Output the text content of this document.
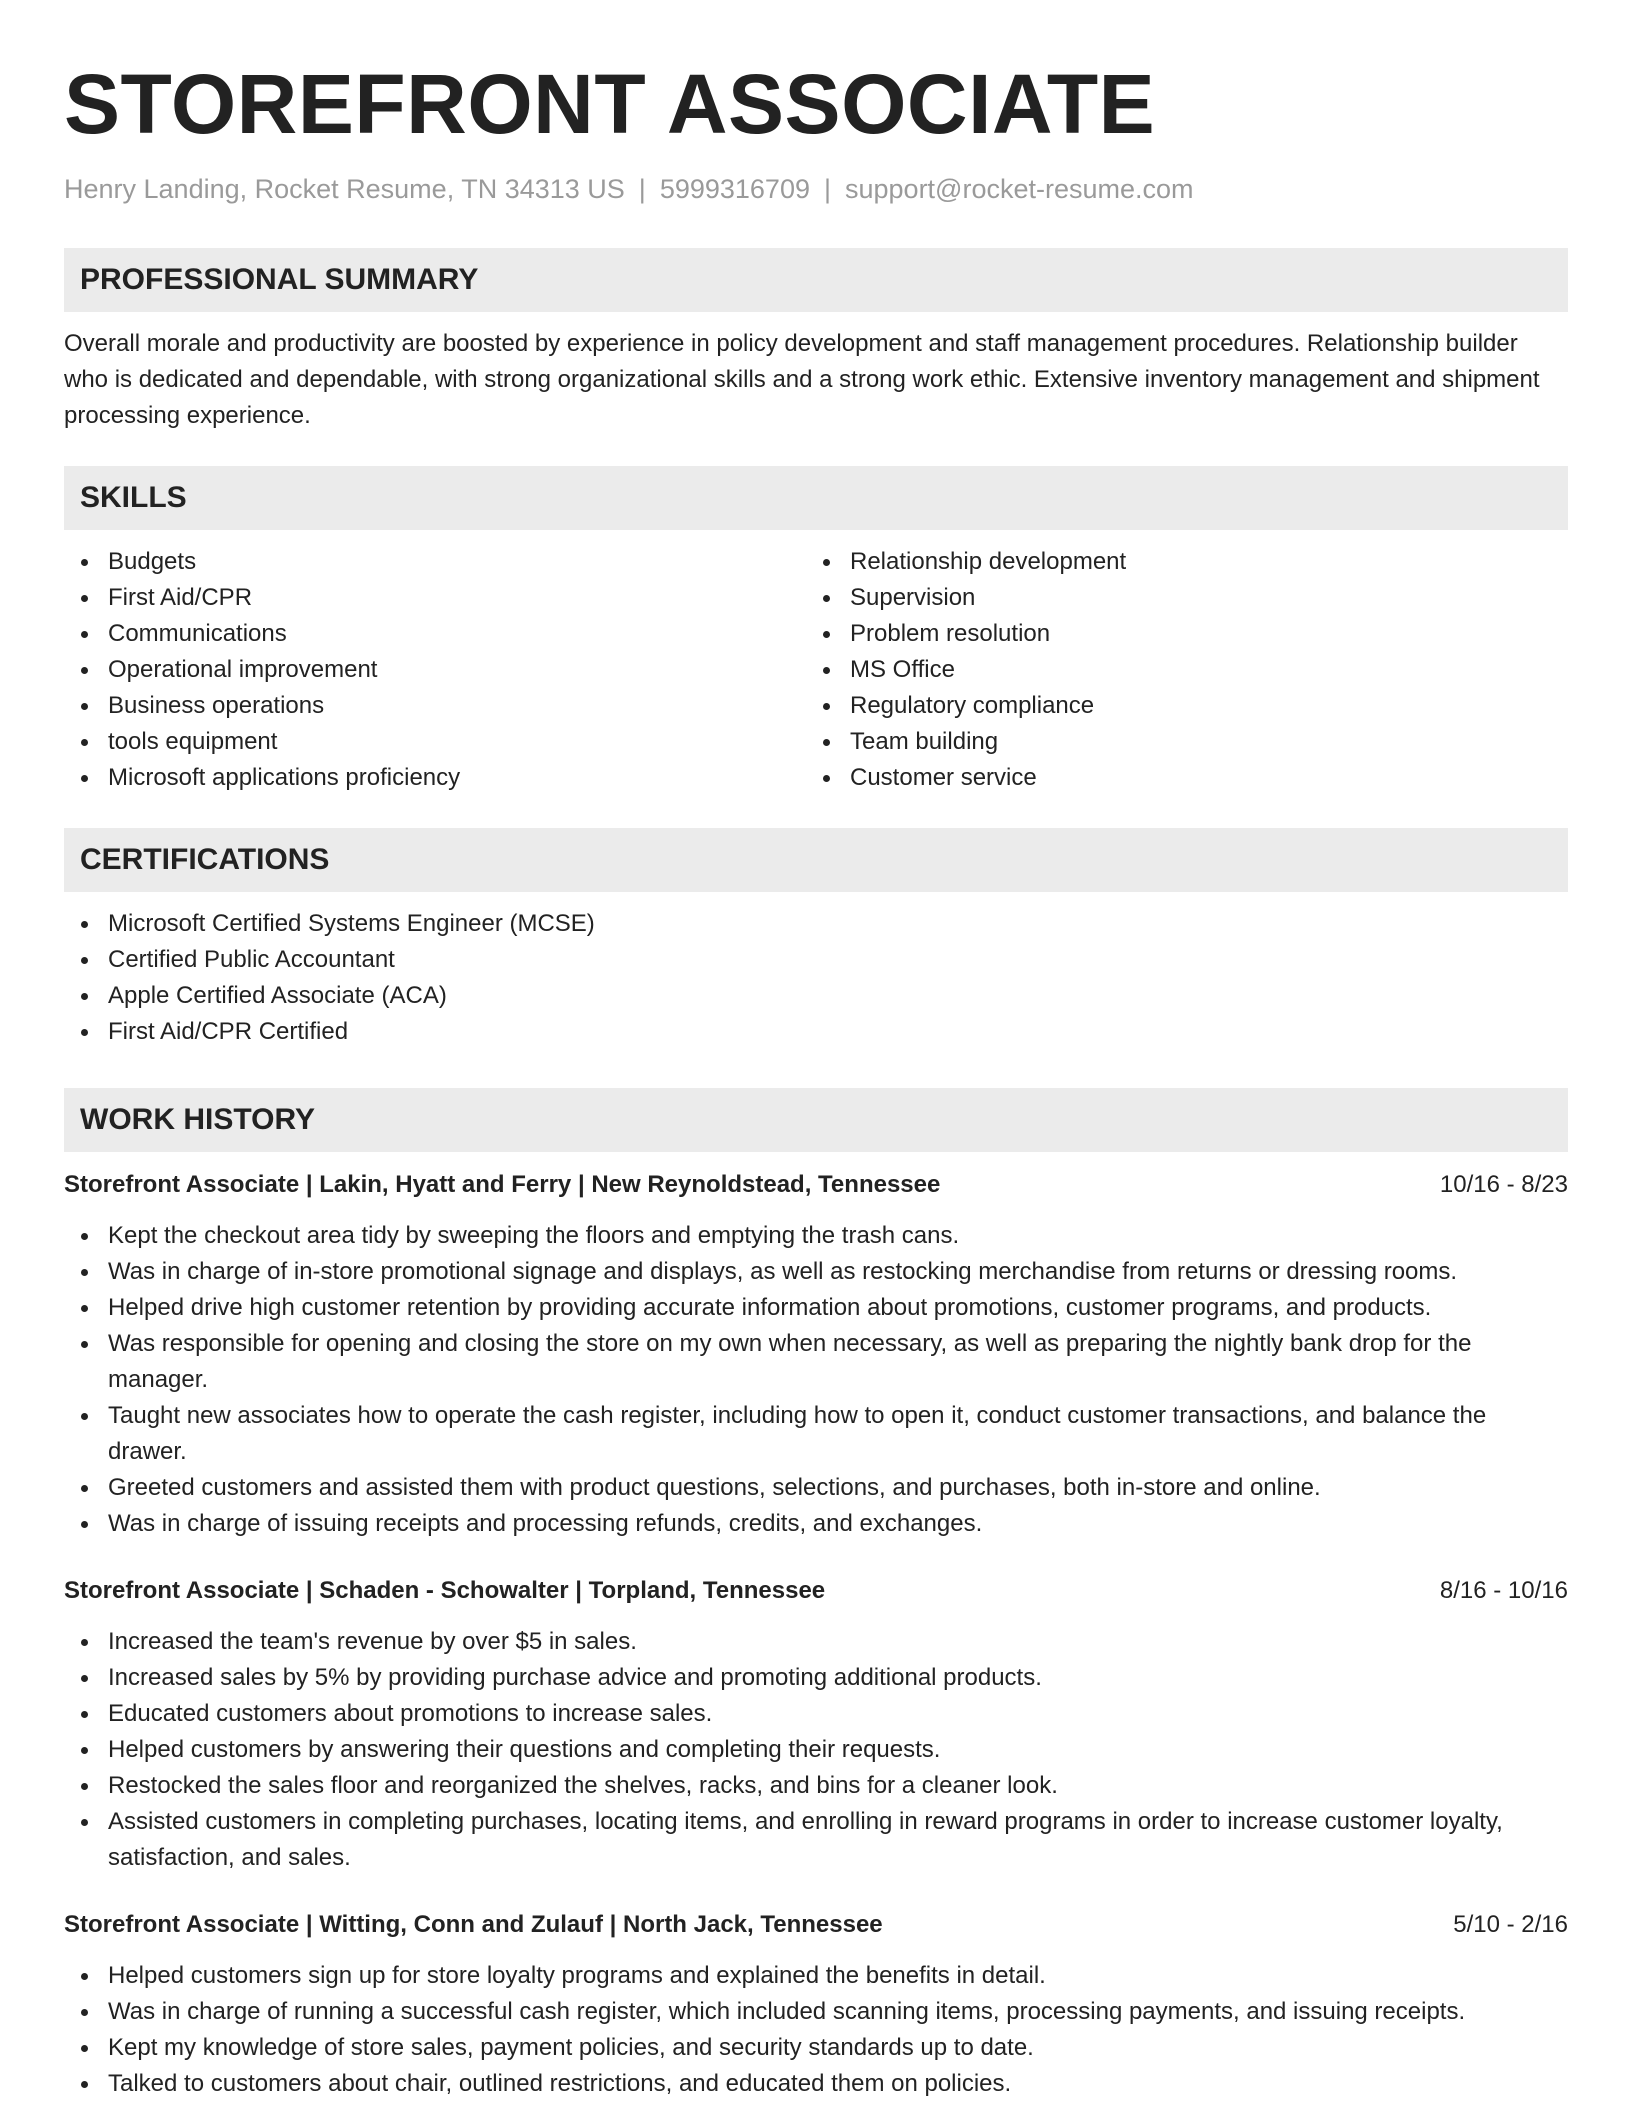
STOREFRONT ASSOCIATE
Henry Landing, Rocket Resume, TN 34313 US | 5999316709 | support@rocket-resume.com
PROFESSIONAL SUMMARY

Overall morale and productivity are boosted by experience in policy development and staff management procedures. Relationship builder who is dedicated and dependable, with strong organizational skills and a strong work ethic. Extensive inventory management and shipment processing experience.

SKILLS
Budgets
First Aid/CPR
Communications
Operational improvement
Business operations
tools equipment
Microsoft applications proficiency
Relationship development
Supervision
Problem resolution
MS Office
Regulatory compliance
Team building
Customer service
CERTIFICATIONS
Microsoft Certified Systems Engineer (MCSE)
Certified Public Accountant
Apple Certified Associate (ACA)
First Aid/CPR Certified
WORK HISTORY
Storefront Associate | Lakin, Hyatt and Ferry | New Reynoldstead, Tennessee	10/16 - 8/23
Kept the checkout area tidy by sweeping the floors and emptying the trash cans.
Was in charge of in-store promotional signage and displays, as well as restocking merchandise from returns or dressing rooms.
Helped drive high customer retention by providing accurate information about promotions, customer programs, and products.
Was responsible for opening and closing the store on my own when necessary, as well as preparing the nightly bank drop for the manager.
Taught new associates how to operate the cash register, including how to open it, conduct customer transactions, and balance the drawer.
Greeted customers and assisted them with product questions, selections, and purchases, both in-store and online.
Was in charge of issuing receipts and processing refunds, credits, and exchanges.
Storefront Associate | Schaden - Schowalter | Torpland, Tennessee	8/16 - 10/16
Increased the team's revenue by over $5 in sales.
Increased sales by 5% by providing purchase advice and promoting additional products.
Educated customers about promotions to increase sales.
Helped customers by answering their questions and completing their requests.
Restocked the sales floor and reorganized the shelves, racks, and bins for a cleaner look.
Assisted customers in completing purchases, locating items, and enrolling in reward programs in order to increase customer loyalty, satisfaction, and sales.
Storefront Associate | Witting, Conn and Zulauf | North Jack, Tennessee	5/10 - 2/16
Helped customers sign up for store loyalty programs and explained the benefits in detail.
Was in charge of running a successful cash register, which included scanning items, processing payments, and issuing receipts.
Kept my knowledge of store sales, payment policies, and security standards up to date.
Talked to customers about chair, outlined restrictions, and educated them on policies.
